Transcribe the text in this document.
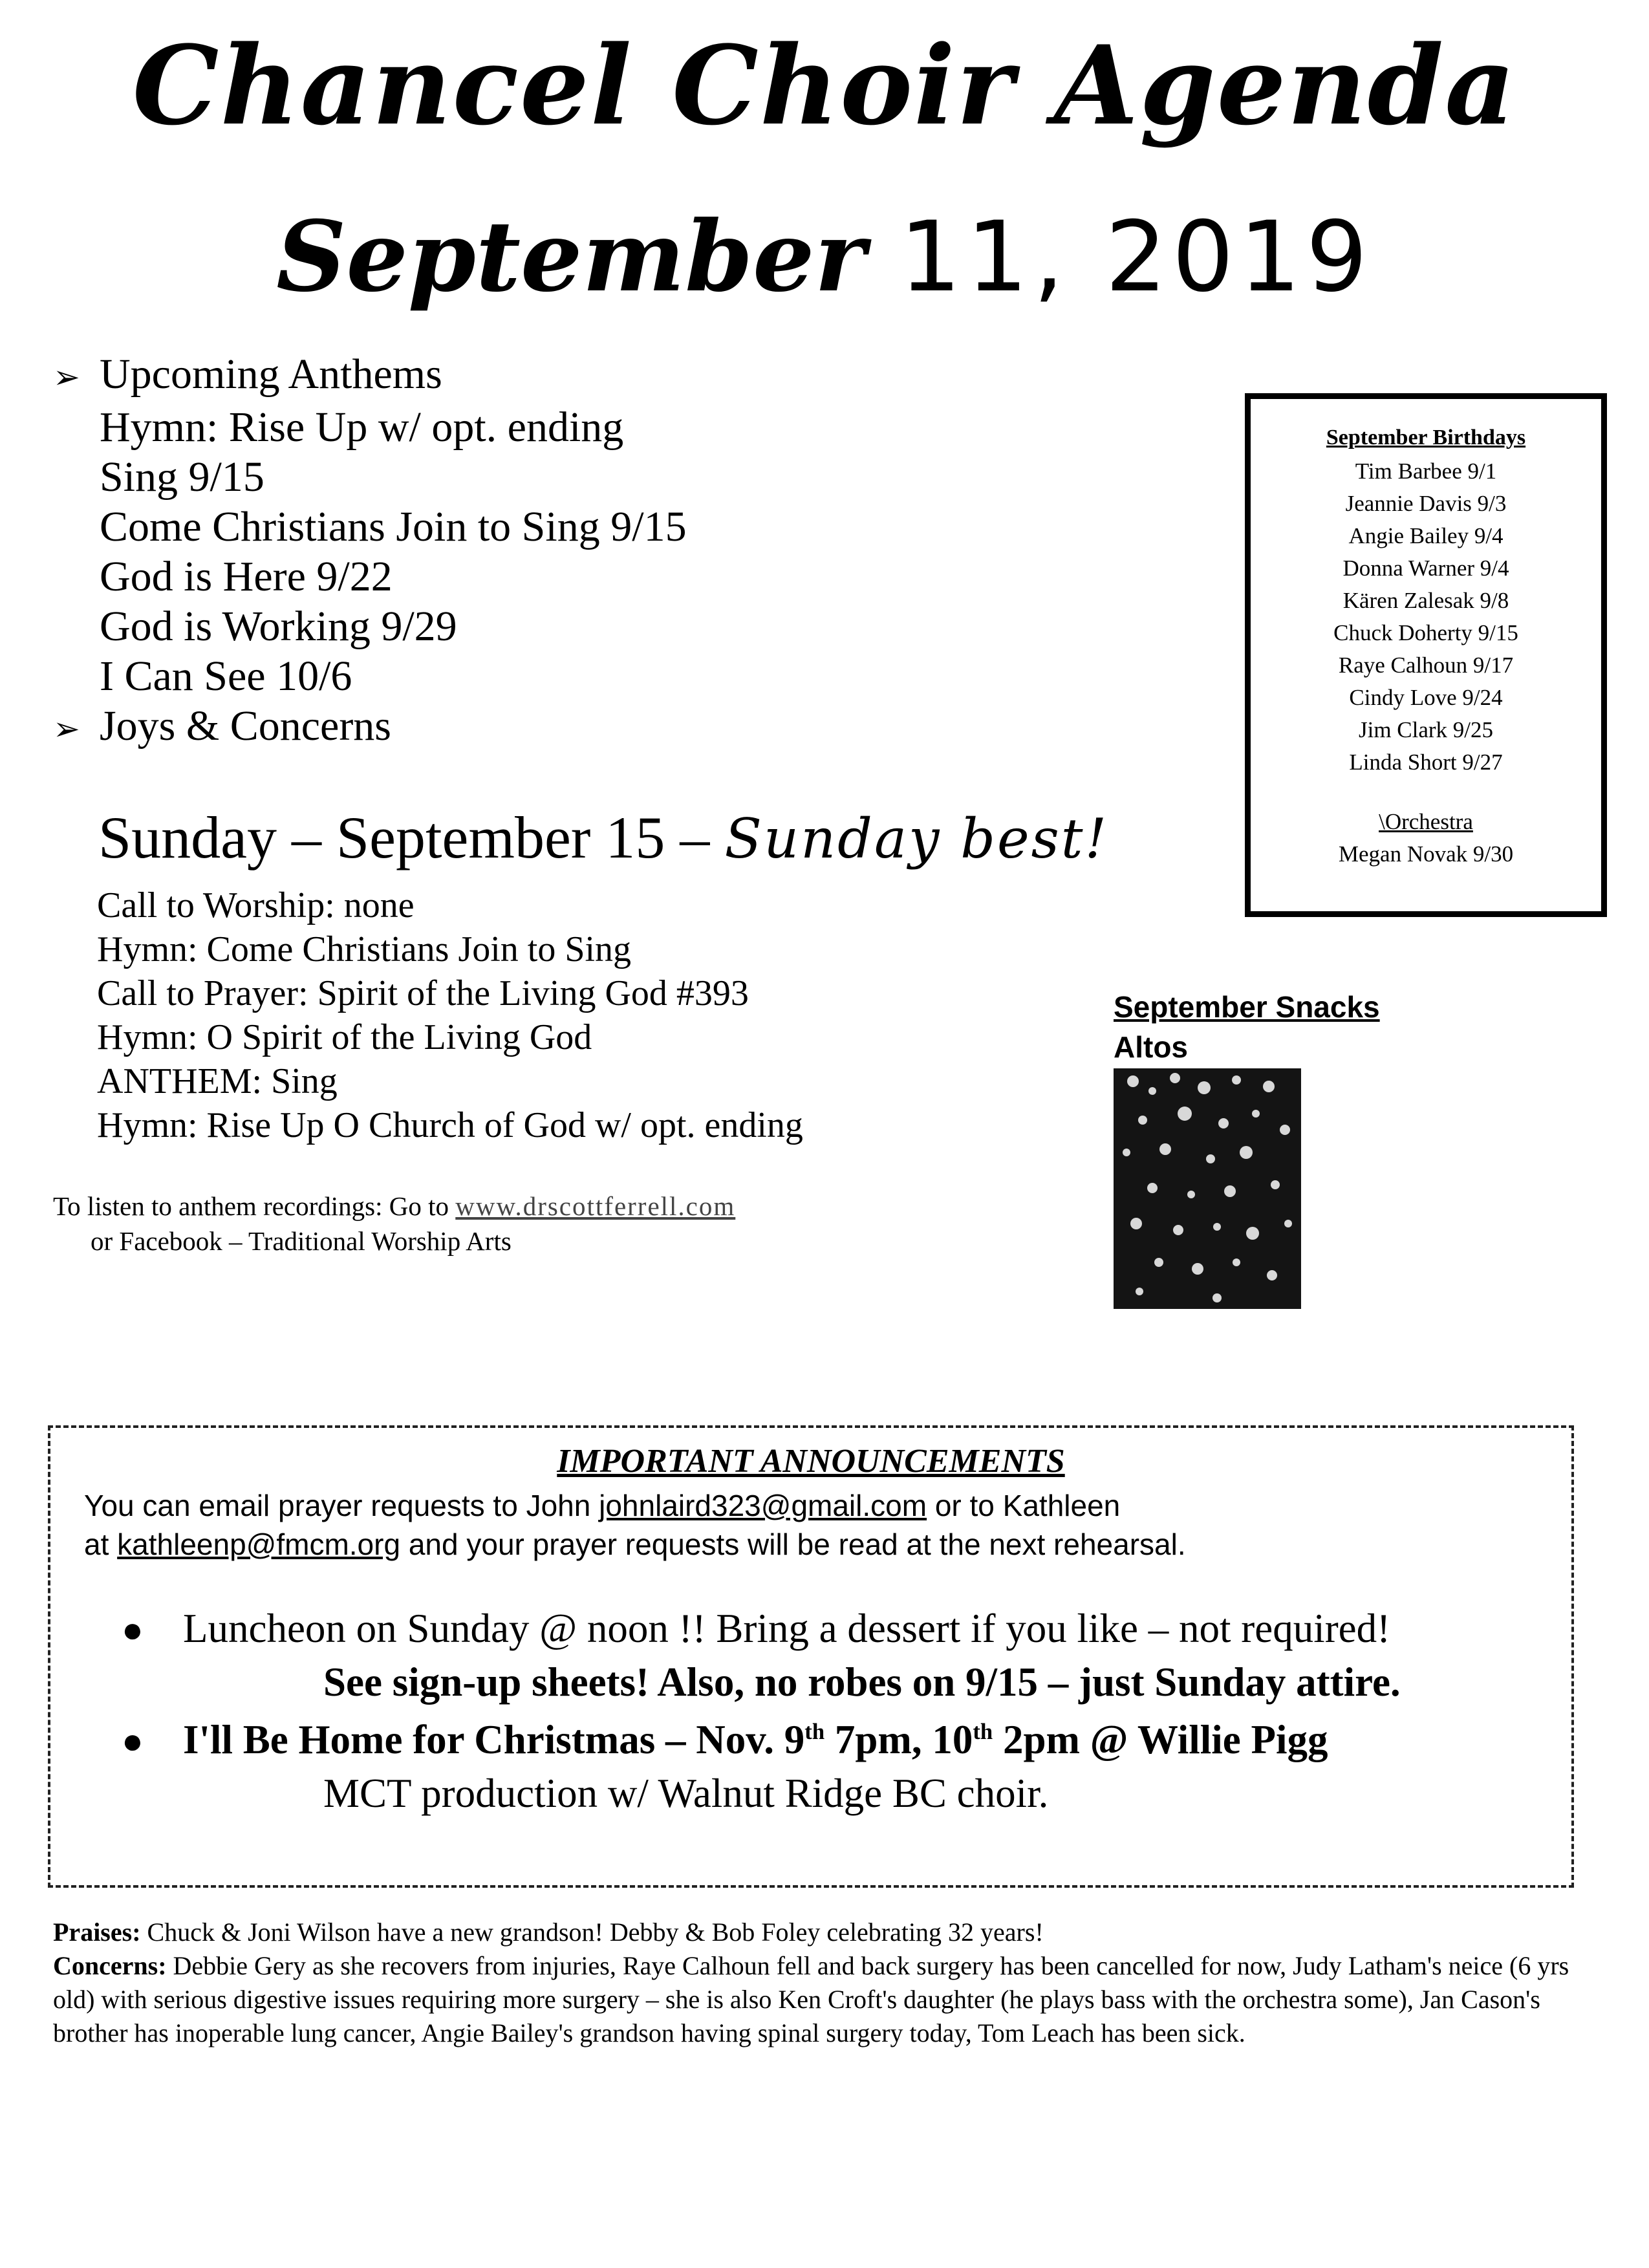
Chancel Choir Agenda
September 11, 2019
➢ Upcoming Anthems
Hymn: Rise Up w/ opt. ending
Sing 9/15
Come Christians Join to Sing 9/15
God is Here 9/22
God is Working 9/29
I Can See 10/6
➢ Joys & Concerns
September Birthdays
Tim Barbee 9/1
Jeannie Davis 9/3
Angie Bailey 9/4
Donna Warner 9/4
Kären Zalesak 9/8
Chuck Doherty 9/15
Raye Calhoun 9/17
Cindy Love 9/24
Jim Clark 9/25
Linda Short 9/27
\Orchestra
Megan Novak 9/30
Sunday – September 15 – Sunday best!
Call to Worship: none
Hymn: Come Christians Join to Sing
Call to Prayer: Spirit of the Living God #393
Hymn: O Spirit of the Living God
ANTHEM: Sing
Hymn: Rise Up O Church of God w/ opt. ending
September Snacks
Altos
To listen to anthem recordings: Go to www.drscottferrell.com
or Facebook – Traditional Worship Arts
IMPORTANT ANNOUNCEMENTS
You can email prayer requests to John johnlaird323@gmail.com or to Kathleen
at kathleenp@fmcm.org and your prayer requests will be read at the next rehearsal.
● Luncheon on Sunday @ noon !! Bring a dessert if you like – not required!
See sign-up sheets! Also, no robes on 9/15 – just Sunday attire.
● I'll Be Home for Christmas – Nov. 9th 7pm, 10th 2pm @ Willie Pigg
MCT production w/ Walnut Ridge BC choir.
Praises: Chuck & Joni Wilson have a new grandson! Debby & Bob Foley celebrating 32 years!
Concerns: Debbie Gery as she recovers from injuries, Raye Calhoun fell and back surgery has been cancelled for now, Judy Latham's neice (6 yrs old) with serious digestive issues requiring more surgery – she is also Ken Croft's daughter (he plays bass with the orchestra some), Jan Cason's brother has inoperable lung cancer, Angie Bailey's grandson having spinal surgery today, Tom Leach has been sick.
